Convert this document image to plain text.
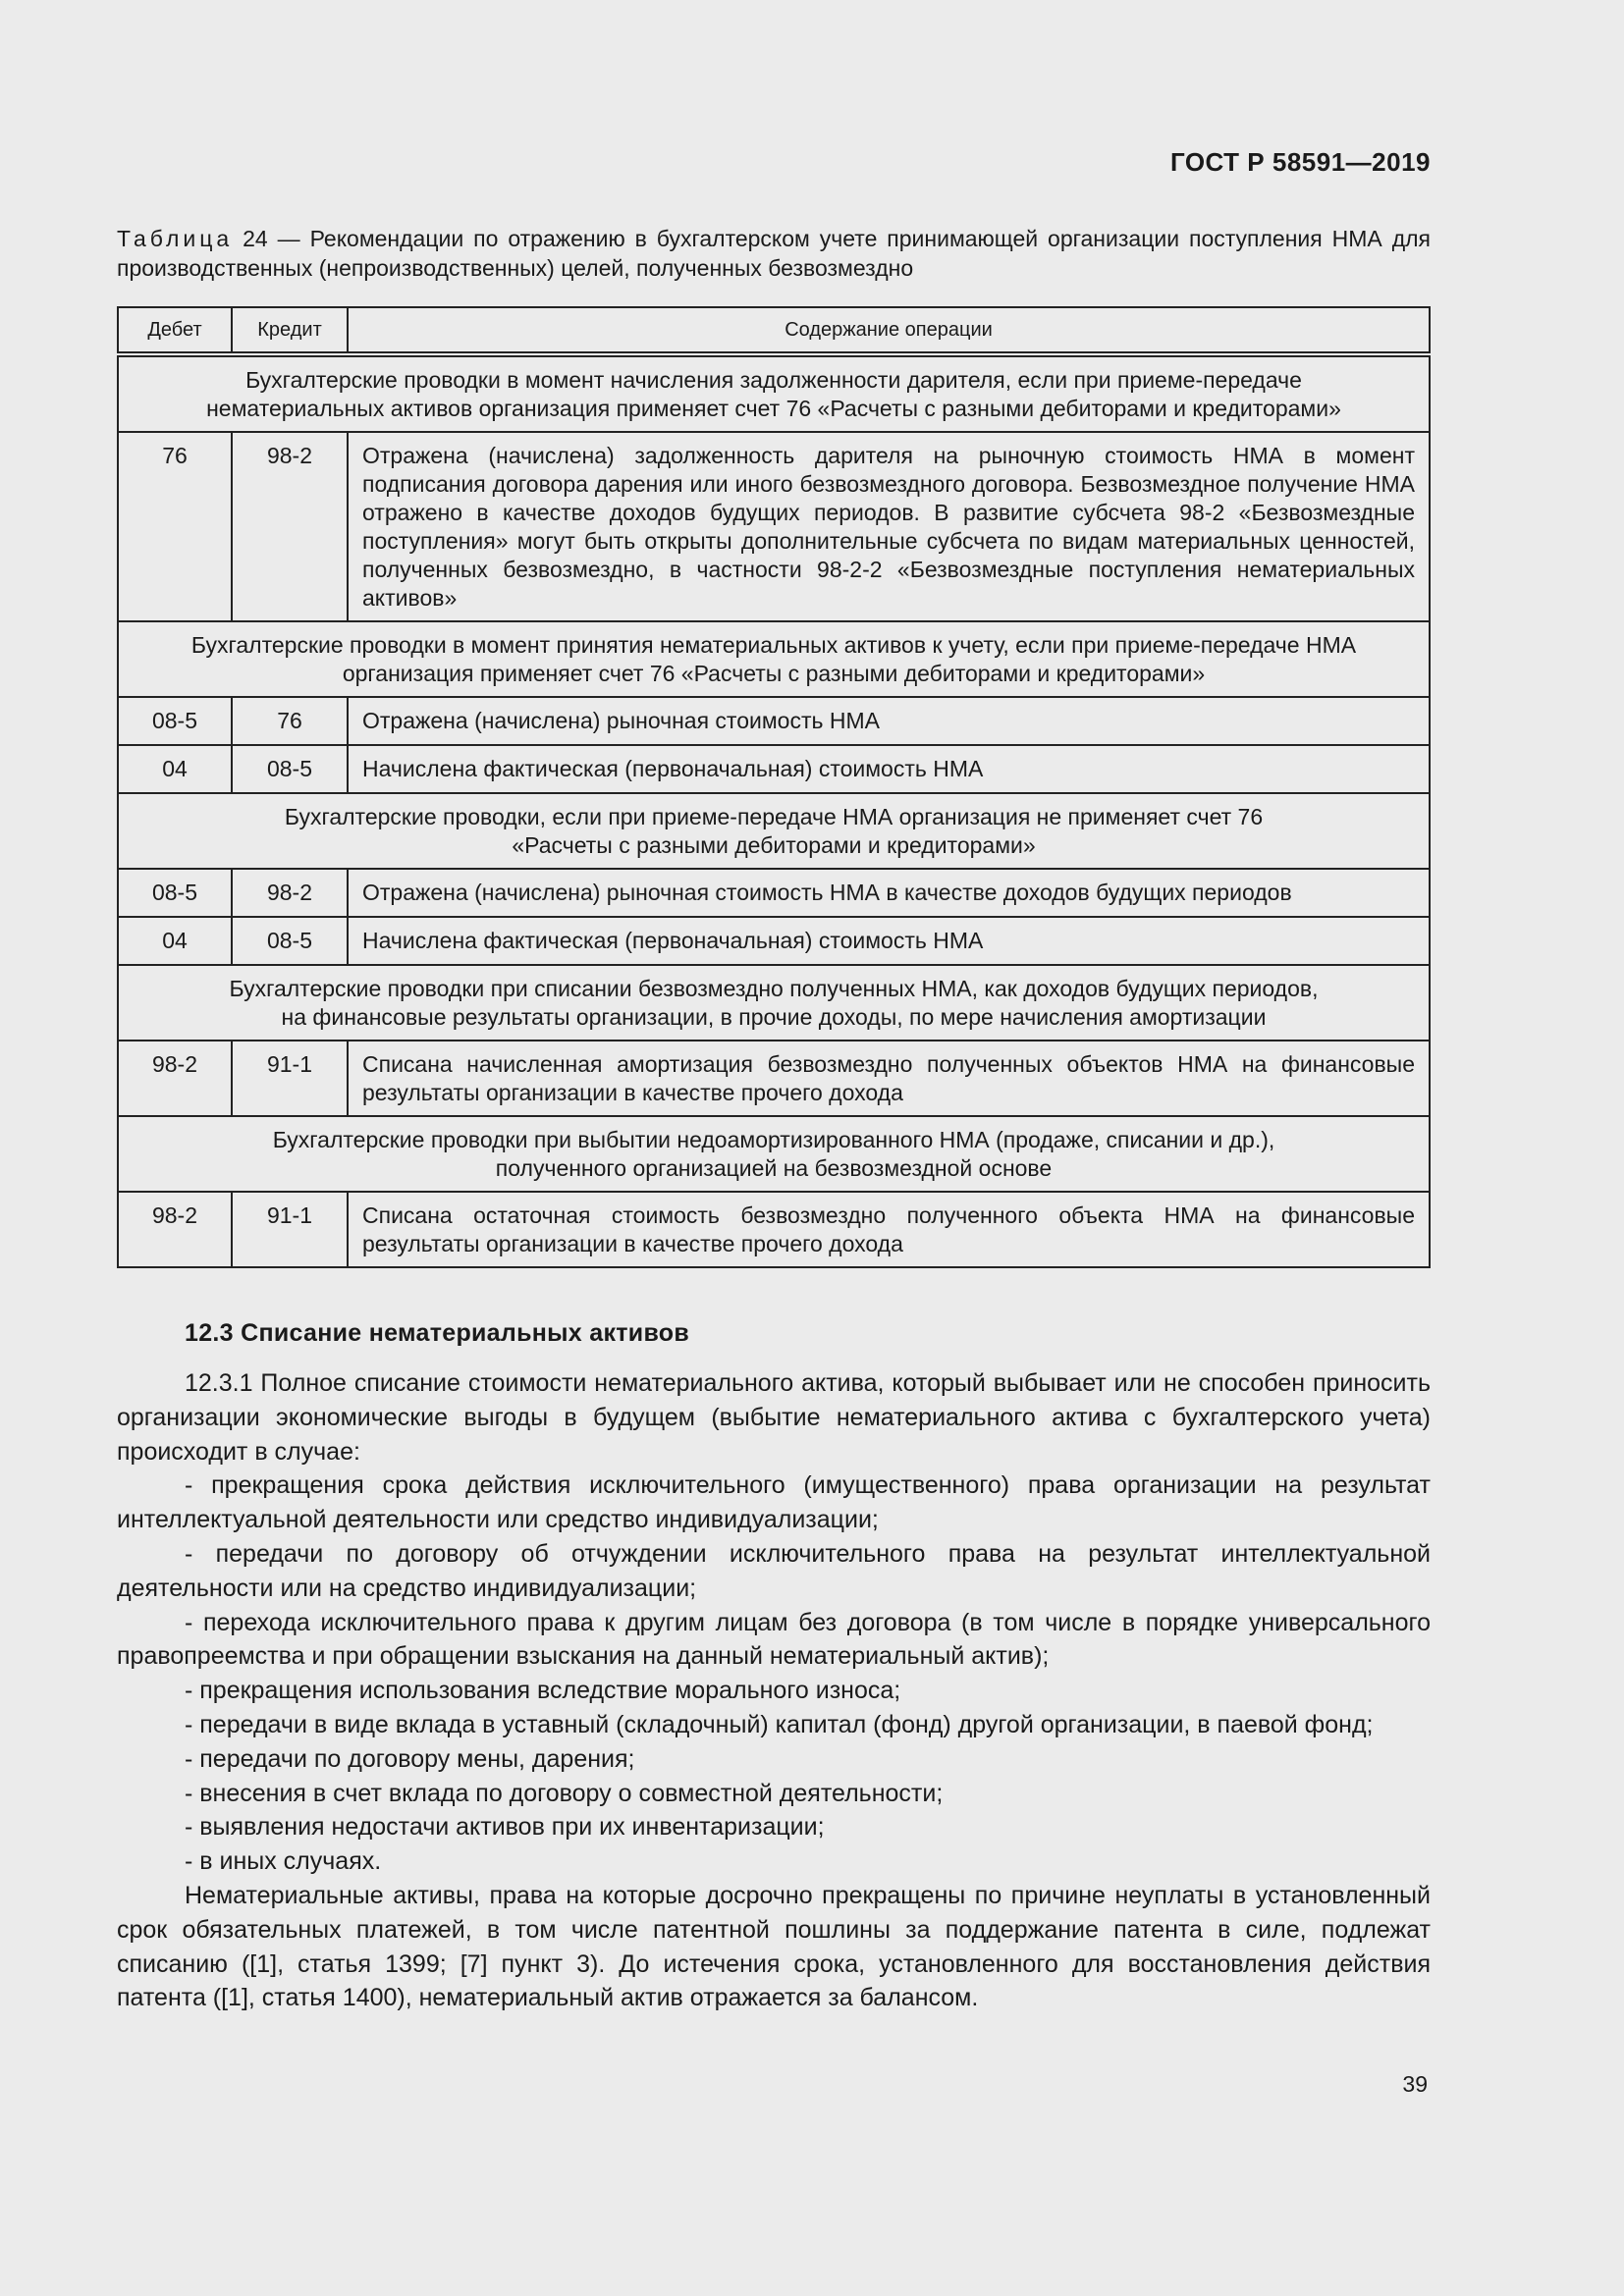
ГОСТ Р 58591—2019
Таблица 24 — Рекомендации по отражению в бухгалтерском учете принимающей организации поступления НМА для производственных (непроизводственных) целей, полученных безвозмездно
Дебет	Кредит	Содержание операции

Бухгалтерские проводки в момент начисления задолженности дарителя, если при приеме-передаче
нематериальных активов организация применяет счет 76 «Расчеты с разными дебиторами и кредиторами»		

76	98-2	Отражена (начислена) задолженность дарителя на рыночную стоимость НМА в момент подписания договора дарения или иного безвозмездного договора. Безвозмездное получение НМА отражено в качестве доходов будущих периодов. В развитие субсчета 98-2 «Безвозмездные поступления» могут быть открыты дополнительные субсчета по видам материальных ценностей, полученных безвозмездно, в частности 98-2-2 «Безвозмездные поступления нематериальных активов»

Бухгалтерские проводки в момент принятия нематериальных активов к учету, если при приеме-передаче НМА
организация применяет счет 76 «Расчеты с разными дебиторами и кредиторами»		

08-5	76	Отражена (начислена) рыночная стоимость НМА
04	08-5	Начислена фактическая (первоначальная) стоимость НМА

Бухгалтерские проводки, если при приеме-передаче НМА организация не применяет счет 76
«Расчеты с разными дебиторами и кредиторами»		

08-5	98-2	Отражена (начислена) рыночная стоимость НМА в качестве доходов будущих периодов
04	08-5	Начислена фактическая (первоначальная) стоимость НМА

Бухгалтерские проводки при списании безвозмездно полученных НМА, как доходов будущих периодов,
на финансовые результаты организации, в прочие доходы, по мере начисления амортизации		

98-2	91-1	Списана начисленная амортизация безвозмездно полученных объектов НМА на финансовые результаты организации в качестве прочего дохода

Бухгалтерские проводки при выбытии недоамортизированного НМА (продаже, списании и др.),
полученного организацией на безвозмездной основе		

98-2	91-1	Списана остаточная стоимость безвозмездно полученного объекта НМА на финансовые результаты организации в качестве прочего дохода
12.3 Списание нематериальных активов

12.3.1 Полное списание стоимости нематериального актива, который выбывает или не способен приносить организации экономические выгоды в будущем (выбытие нематериального актива с бухгалтерского учета) происходит в случае:

- прекращения срока действия исключительного (имущественного) права организации на результат интеллектуальной деятельности или средство индивидуализации;

- передачи по договору об отчуждении исключительного права на результат интеллектуальной деятельности или на средство индивидуализации;

- перехода исключительного права к другим лицам без договора (в том числе в порядке универсального правопреемства и при обращении взыскания на данный нематериальный актив);

- прекращения использования вследствие морального износа;

- передачи в виде вклада в уставный (складочный) капитал (фонд) другой организации, в паевой фонд;

- передачи по договору мены, дарения;

- внесения в счет вклада по договору о совместной деятельности;

- выявления недостачи активов при их инвентаризации;

- в иных случаях.

Нематериальные активы, права на которые досрочно прекращены по причине неуплаты в установленный срок обязательных платежей, в том числе патентной пошлины за поддержание патента в силе, подлежат списанию ([1], статья 1399; [7] пункт 3). До истечения срока, установленного для восстановления действия патента ([1], статья 1400), нематериальный актив отражается за балансом.

39
